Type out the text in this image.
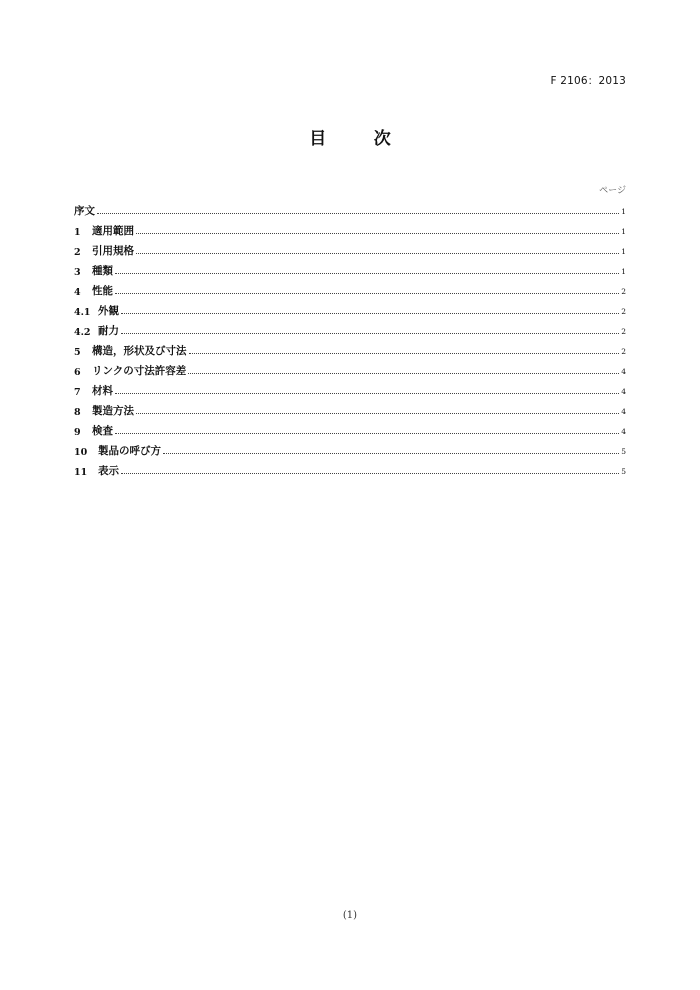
F 2106：2013
目　次
ページ
序文	1
1	適用範囲	1
2	引用規格	1
3	種類	1
4	性能	2
4.1 外観	2
4.2 耐力	2
5	構造，形状及び寸法	2
6	リンクの寸法許容差	4
7	材料	4
8	製造方法	4
9	検査	4
10	製品の呼び方	5
11	表示	5
(1)
